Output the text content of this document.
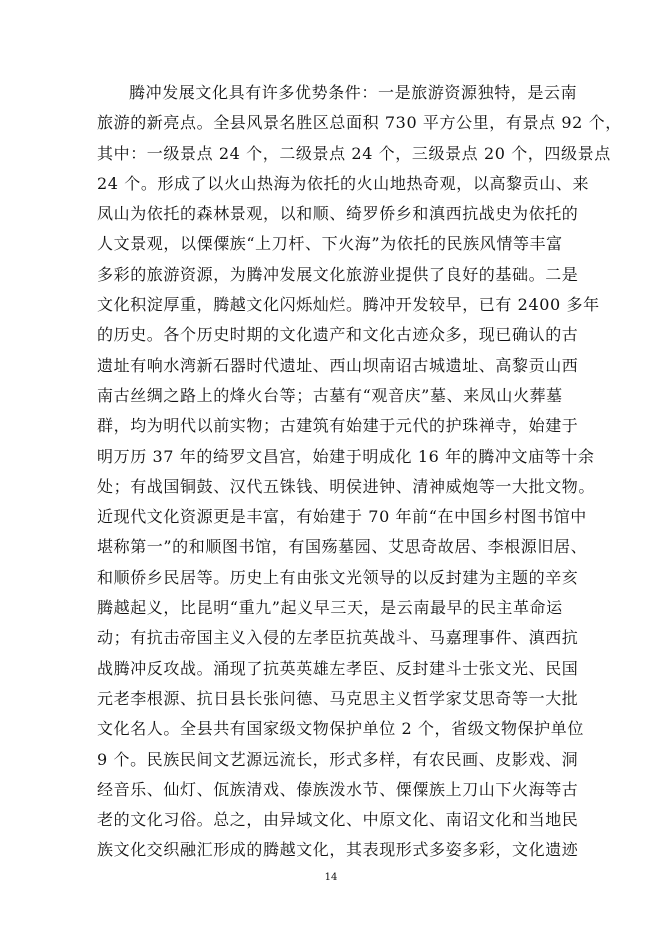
腾冲发展文化具有许多优势条件：一是旅游资源独特，是云南
旅游的新亮点。全县风景名胜区总面积 730 平方公里，有景点 92 个，
其中：一级景点 24 个，二级景点 24 个，三级景点 20 个，四级景点
24 个。形成了以火山热海为依托的火山地热奇观，以高黎贡山、来
凤山为依托的森林景观，以和顺、绮罗侨乡和滇西抗战史为依托的
人文景观，以傈僳族“上刀杆、下火海”为依托的民族风情等丰富
多彩的旅游资源，为腾冲发展文化旅游业提供了良好的基础。二是
文化积淀厚重，腾越文化闪烁灿烂。腾冲开发较早，已有 2400 多年
的历史。各个历史时期的文化遗产和文化古迹众多，现已确认的古
遗址有响水湾新石器时代遗址、西山坝南诏古城遗址、高黎贡山西
南古丝绸之路上的烽火台等；古墓有“观音庆”墓、来凤山火葬墓
群，均为明代以前实物；古建筑有始建于元代的护珠禅寺，始建于
明万历 37 年的绮罗文昌宫，始建于明成化 16 年的腾冲文庙等十余
处；有战国铜鼓、汉代五铢钱、明侯进钟、清神威炮等一大批文物。
近现代文化资源更是丰富，有始建于 70 年前“在中国乡村图书馆中
堪称第一”的和顺图书馆，有国殇墓园、艾思奇故居、李根源旧居、
和顺侨乡民居等。历史上有由张文光领导的以反封建为主题的辛亥
腾越起义，比昆明“重九”起义早三天，是云南最早的民主革命运
动；有抗击帝国主义入侵的左孝臣抗英战斗、马嘉理事件、滇西抗
战腾冲反攻战。涌现了抗英英雄左孝臣、反封建斗士张文光、民国
元老李根源、抗日县长张问德、马克思主义哲学家艾思奇等一大批
文化名人。全县共有国家级文物保护单位 2 个，省级文物保护单位
9 个。民族民间文艺源远流长，形式多样，有农民画、皮影戏、洞
经音乐、仙灯、佤族清戏、傣族泼水节、傈僳族上刀山下火海等古
老的文化习俗。总之，由异域文化、中原文化、南诏文化和当地民
族文化交织融汇形成的腾越文化，其表现形式多姿多彩，文化遗迹
14
